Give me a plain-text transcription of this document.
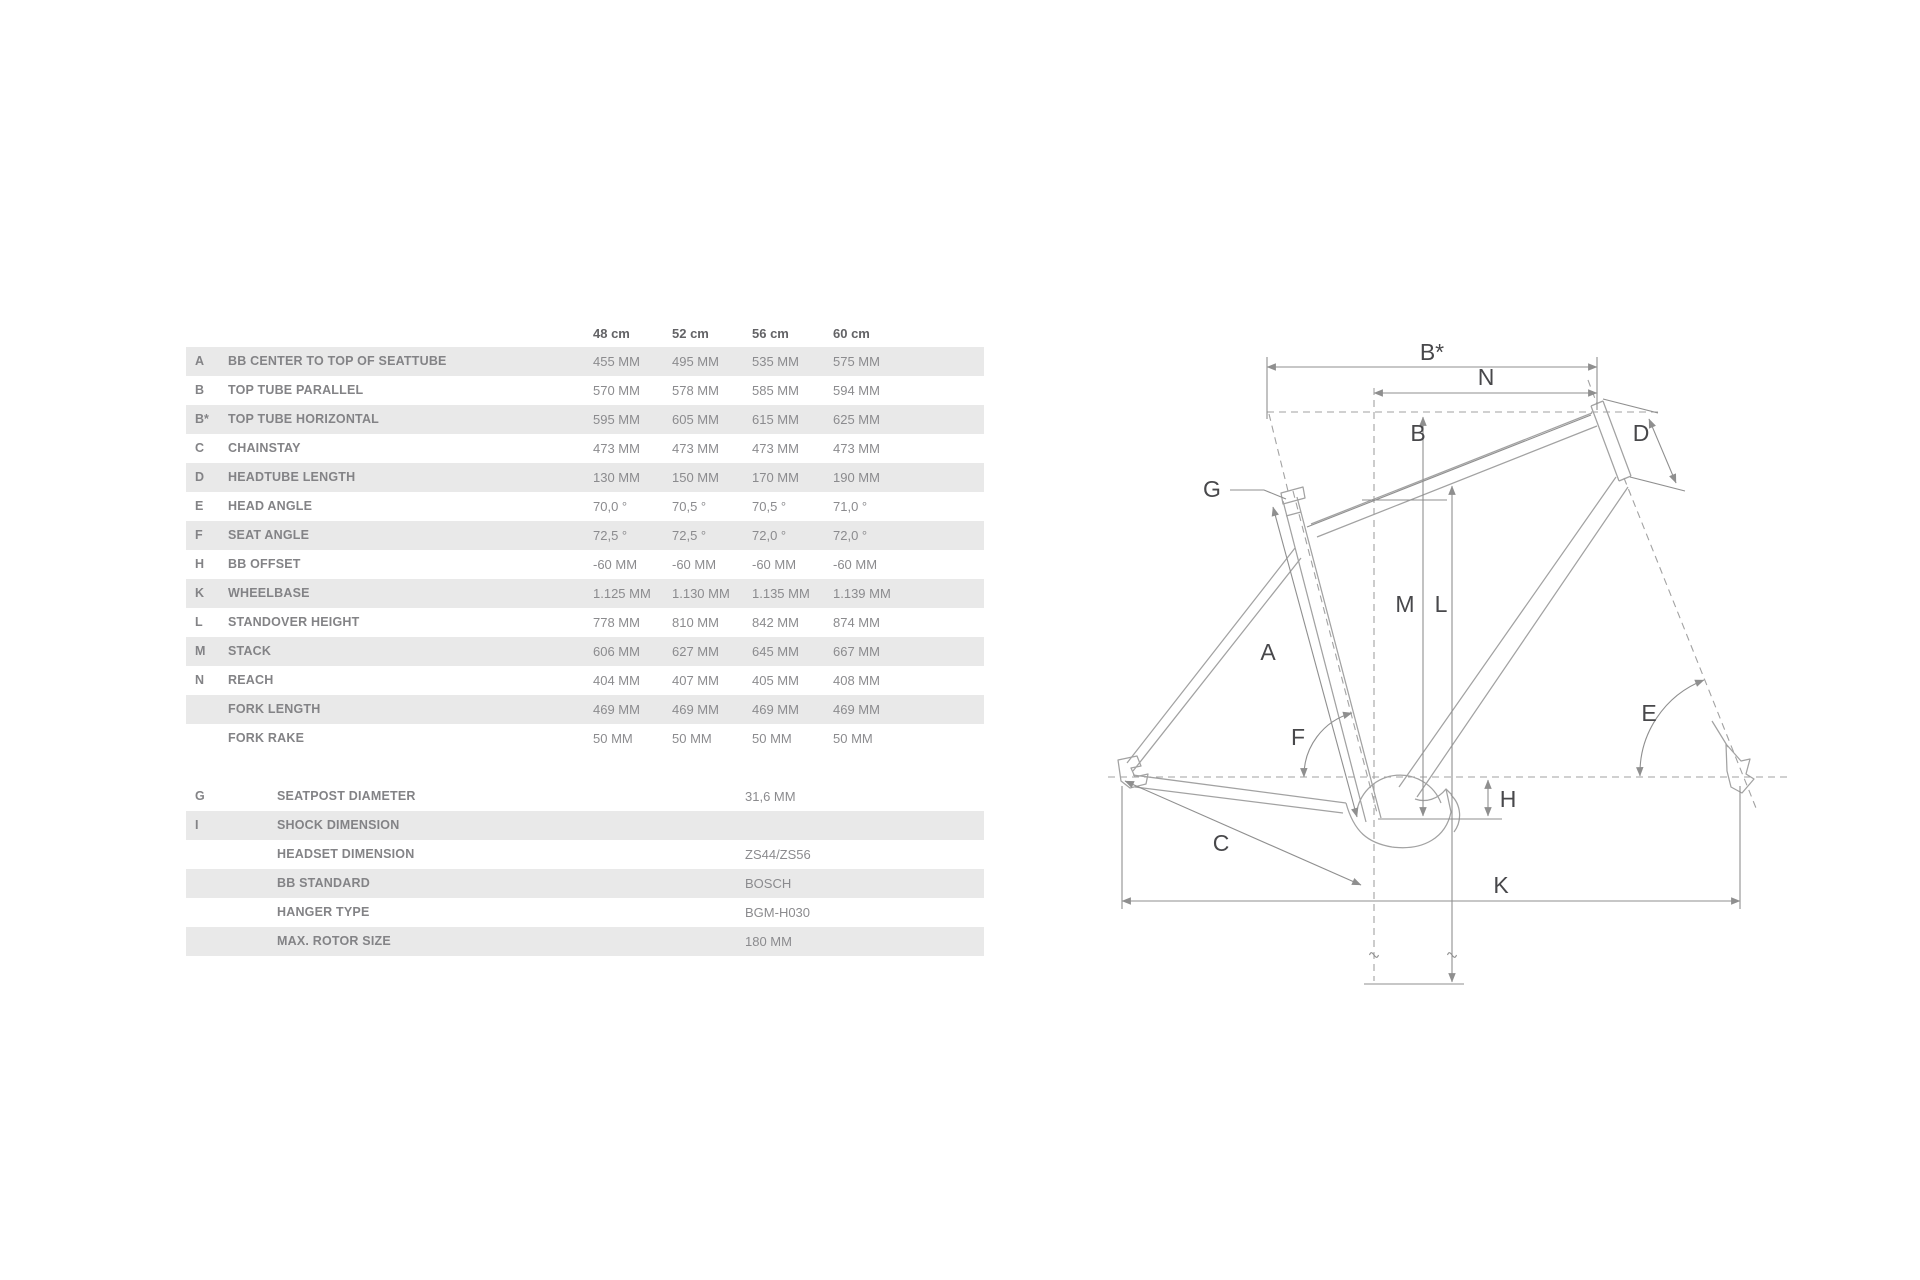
48 cm	52 cm	56 cm	60 cm
A BB CENTER TO TOP OF SEATTUBE	455 MM 495 MM	535 MM	575 MM
B TOP TUBE PARALLEL	570 MM 578 MM	585 MM	594 MM
B* TOP TUBE HORIZONTAL	595 MM 605 MM	615 MM	625 MM
C CHAINSTAY	473 MM 473 MM	473 MM	473 MM
D HEADTUBE LENGTH	130 MM 150 MM	170 MM	190 MM
E HEAD ANGLE	70,0 °	70,5 °	70,5 °	71,0 °
F SEAT ANGLE	72,5 °	72,5 °	72,0 °	72,0 °
H BB OFFSET	-60 MM	-60 MM	-60 MM	-60 MM
K WHEELBASE	1.125 MM 1.130 MM 1.135 MM 1.139 MM
L STANDOVER HEIGHT	778 MM 810 MM	842 MM	874 MM
M STACK	606 MM 627 MM	645 MM	667 MM
N REACH	404 MM 407 MM	405 MM	408 MM
FORK LENGTH	469 MM 469 MM	469 MM	469 MM
FORK RAKE	50 MM	50 MM	50 MM	50 MM
G	SEATPOST DIAMETER	31,6 MM
I	SHOCK DIMENSION
HEADSET DIMENSION	ZS44/ZS56
BB STANDARD	BOSCH
HANGER TYPE	BGM-H030
MAX. ROTOR SIZE	180 MM
B*
N
B	D
G
M L
A
E
F
H
C
K
